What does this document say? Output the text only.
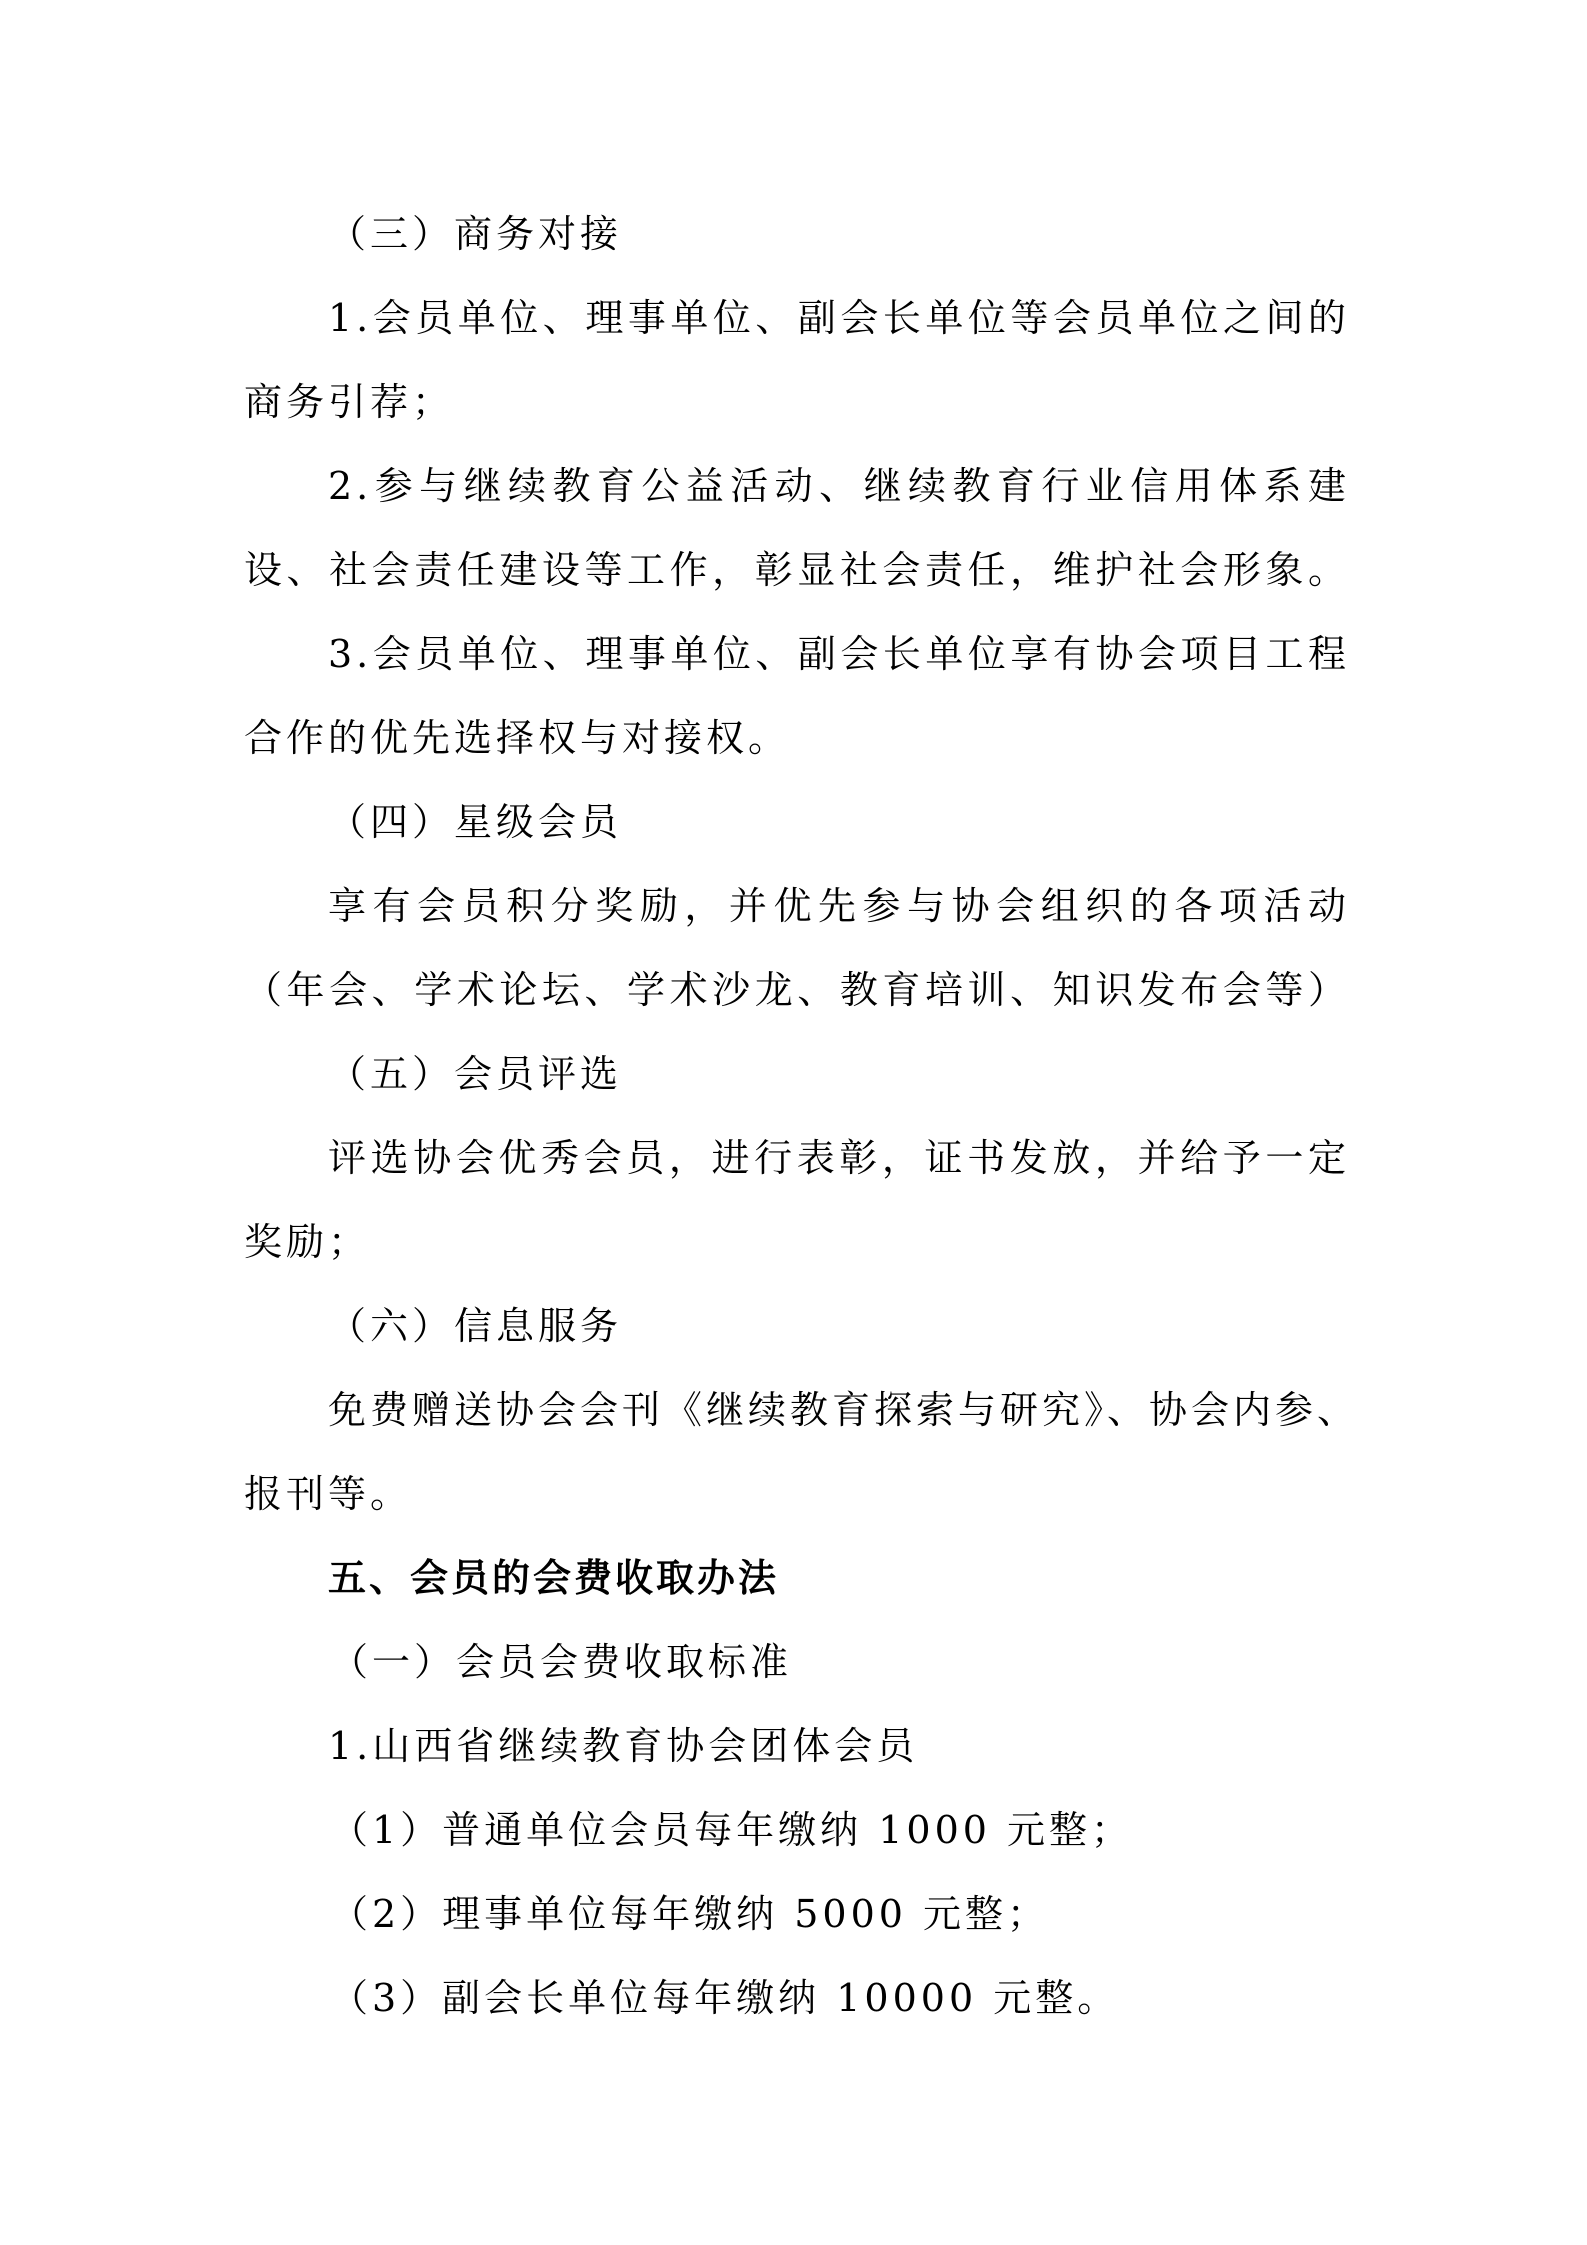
（三）商务对接

1.会员单位、理事单位、副会长单位等会员单位之间的

商务引荐；

2.参与继续教育公益活动、继续教育行业信用体系建

设、社会责任建设等工作，彰显社会责任，维护社会形象。

3.会员单位、理事单位、副会长单位享有协会项目工程

合作的优先选择权与对接权。

（四）星级会员

享有会员积分奖励，并优先参与协会组织的各项活动

（年会、学术论坛、学术沙龙、教育培训、知识发布会等）

（五）会员评选

评选协会优秀会员，进行表彰，证书发放，并给予一定

奖励；

（六）信息服务

免费赠送协会会刊《继续教育探索与研究》、协会内参、

报刊等。

五、会员的会费收取办法

（一）会员会费收取标准

1.山西省继续教育协会团体会员

（1）普通单位会员每年缴纳 1000 元整；

（2）理事单位每年缴纳 5000 元整；

（3）副会长单位每年缴纳 10000 元整。
